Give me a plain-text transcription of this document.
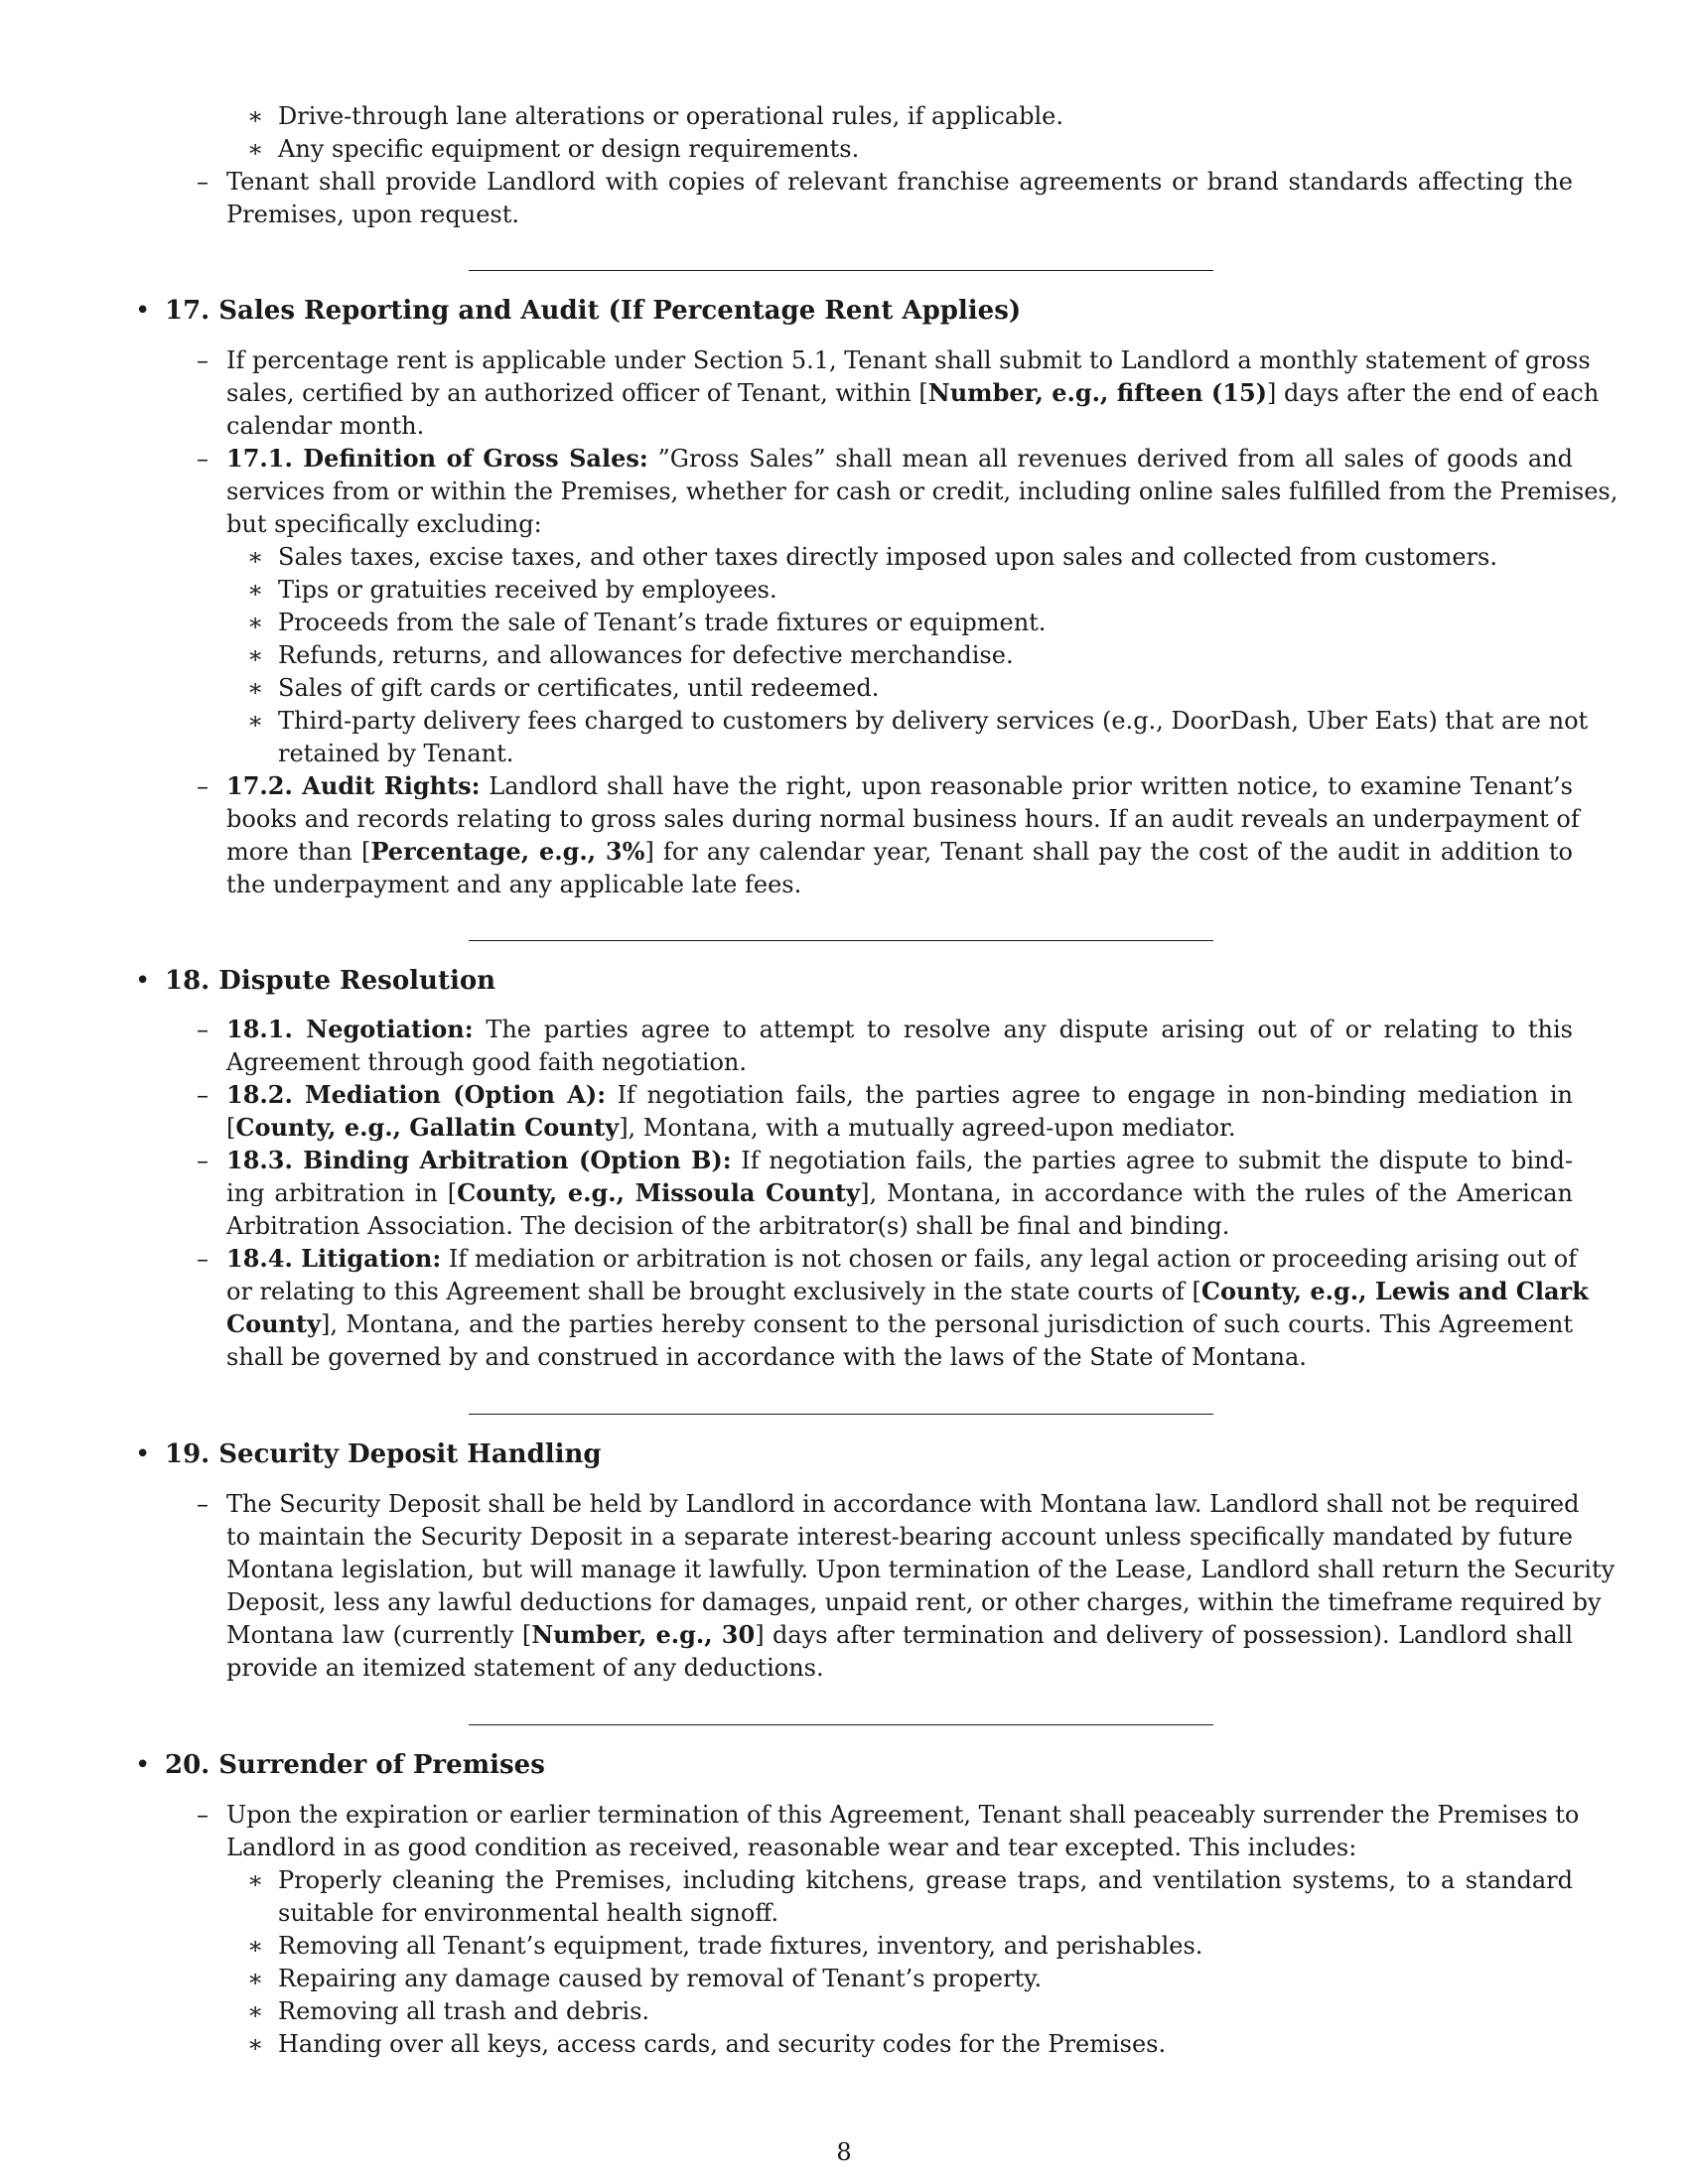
∗ Drive-through lane alterations or operational rules, if applicable.
∗ Any specific equipment or design requirements.
– Tenant shall provide Landlord with copies of relevant franchise agreements or brand standards affecting the
Premises, upon request.
• 17. Sales Reporting and Audit (If Percentage Rent Applies)
– If percentage rent is applicable under Section 5.1, Tenant shall submit to Landlord a monthly statement of gross
sales, certified by an authorized officer of Tenant, within [Number, e.g., fifteen (15)] days after the end of each
calendar month.
– 17.1. Definition of Gross Sales: ”Gross Sales” shall mean all revenues derived from all sales of goods and
services from or within the Premises, whether for cash or credit, including online sales fulfilled from the Premises,
but specifically excluding:
∗ Sales taxes, excise taxes, and other taxes directly imposed upon sales and collected from customers.
∗ Tips or gratuities received by employees.
∗ Proceeds from the sale of Tenant’s trade fixtures or equipment.
∗ Refunds, returns, and allowances for defective merchandise.
∗ Sales of gift cards or certificates, until redeemed.
∗ Third-party delivery fees charged to customers by delivery services (e.g., DoorDash, Uber Eats) that are not
retained by Tenant.
– 17.2. Audit Rights: Landlord shall have the right, upon reasonable prior written notice, to examine Tenant’s
books and records relating to gross sales during normal business hours. If an audit reveals an underpayment of
more than [Percentage, e.g., 3%] for any calendar year, Tenant shall pay the cost of the audit in addition to
the underpayment and any applicable late fees.
• 18. Dispute Resolution
– 18.1. Negotiation: The parties agree to attempt to resolve any dispute arising out of or relating to this
Agreement through good faith negotiation.
– 18.2. Mediation (Option A): If negotiation fails, the parties agree to engage in non-binding mediation in
[County, e.g., Gallatin County], Montana, with a mutually agreed-upon mediator.
– 18.3. Binding Arbitration (Option B): If negotiation fails, the parties agree to submit the dispute to bind-
ing arbitration in [County, e.g., Missoula County], Montana, in accordance with the rules of the American
Arbitration Association. The decision of the arbitrator(s) shall be final and binding.
– 18.4. Litigation: If mediation or arbitration is not chosen or fails, any legal action or proceeding arising out of
or relating to this Agreement shall be brought exclusively in the state courts of [County, e.g., Lewis and Clark
County], Montana, and the parties hereby consent to the personal jurisdiction of such courts. This Agreement
shall be governed by and construed in accordance with the laws of the State of Montana.
• 19. Security Deposit Handling
– The Security Deposit shall be held by Landlord in accordance with Montana law. Landlord shall not be required
to maintain the Security Deposit in a separate interest-bearing account unless specifically mandated by future
Montana legislation, but will manage it lawfully. Upon termination of the Lease, Landlord shall return the Security
Deposit, less any lawful deductions for damages, unpaid rent, or other charges, within the timeframe required by
Montana law (currently [Number, e.g., 30] days after termination and delivery of possession). Landlord shall
provide an itemized statement of any deductions.
• 20. Surrender of Premises
– Upon the expiration or earlier termination of this Agreement, Tenant shall peaceably surrender the Premises to
Landlord in as good condition as received, reasonable wear and tear excepted. This includes:
∗ Properly cleaning the Premises, including kitchens, grease traps, and ventilation systems, to a standard
suitable for environmental health signoff.
∗ Removing all Tenant’s equipment, trade fixtures, inventory, and perishables.
∗ Repairing any damage caused by removal of Tenant’s property.
∗ Removing all trash and debris.
∗ Handing over all keys, access cards, and security codes for the Premises.
8
